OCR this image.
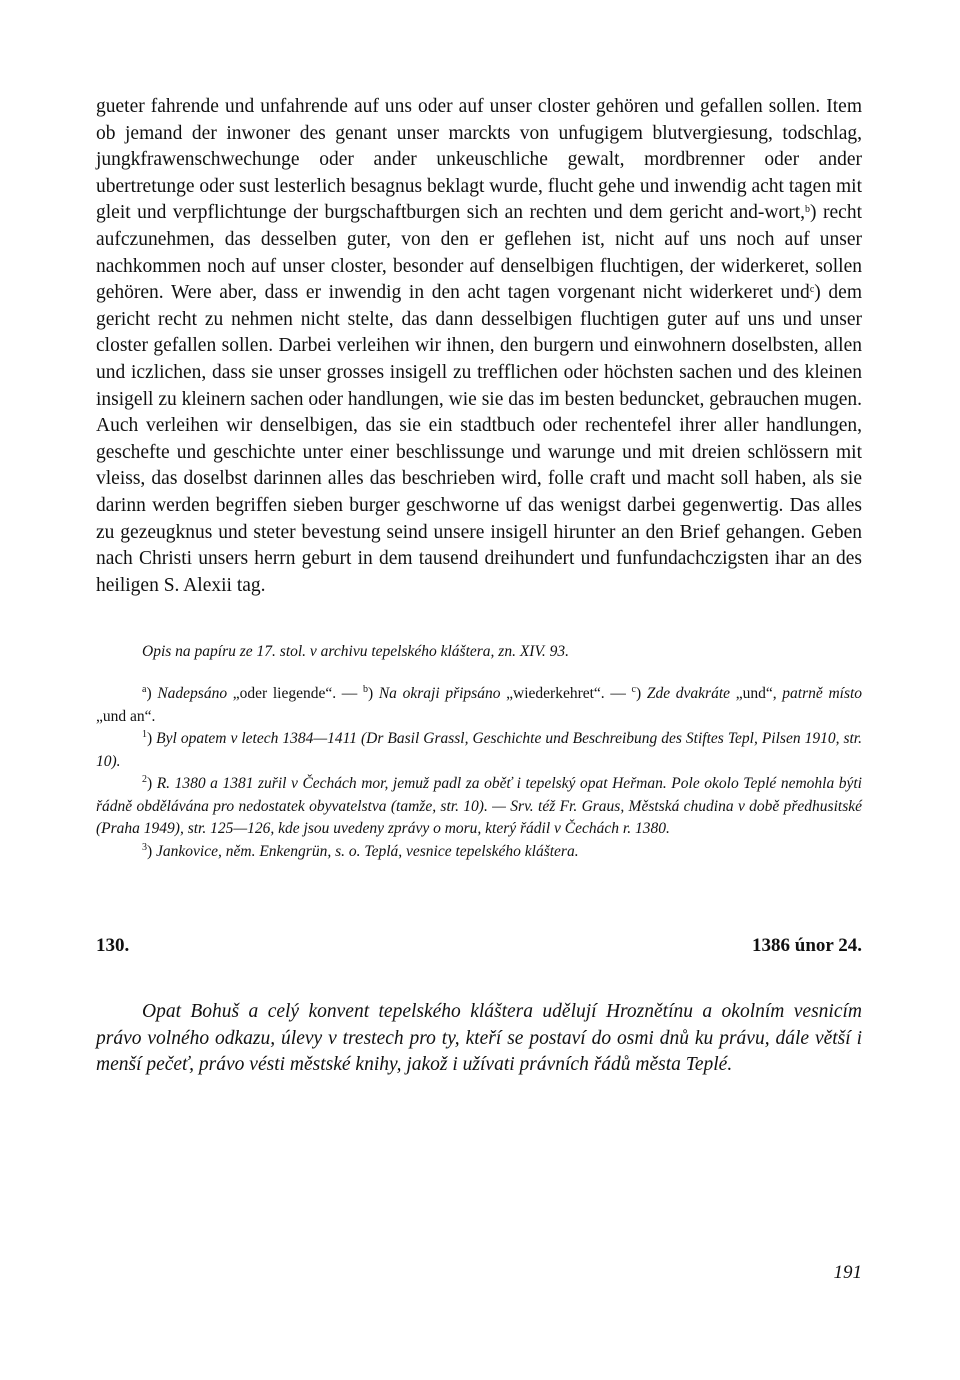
gueter fahrende und unfahrende auf uns oder auf unser closter gehören und gefallen sollen. Item ob jemand der inwoner des genant unser marckts von unfugigem blutvergiesung, todschlag, jungkfrawenschwechunge oder ander unkeuschliche gewalt, mordbrenner oder ander ubertretunge oder sust lesterlich besagnus beklagt wurde, flucht gehe und inwendig acht tagen mit gleit und verpflichtunge der burgschaftburgen sich an rechten und dem gericht and-wort,$^b$) recht aufczunehmen, das desselben guter, von den er geflehen ist, nicht auf uns noch auf unser nachkommen noch auf unser closter, besonder auf denselbigen fluchtigen, der widerkeret, sollen gehören. Were aber, dass er inwendig in den acht tagen vorgenant nicht widerkeret und$^c$) dem gericht recht zu nehmen nicht stelte, das dann desselbigen fluchtigen guter auf uns und unser closter gefallen sollen. Darbei verleihen wir ihnen, den burgern und einwohnern doselbsten, allen und iczlichen, dass sie unser grosses insigell zu trefflichen oder höchsten sachen und des kleinen insigell zu kleinern sachen oder handlungen, wie sie das im besten beduncket, gebrauchen mugen. Auch verleihen wir denselbigen, das sie ein stadtbuch oder rechentefel ihrer aller handlungen, geschefte und geschichte unter einer beschlissunge und warunge und mit dreien schlössern mit vleiss, das doselbst darinnen alles das beschrieben wird, folle craft und macht soll haben, als sie darinn werden begriffen sieben burger geschworne uf das wenigst darbei gegenwertig. Das alles zu gezeugknus und steter bevestung seind unsere insigell hirunter an den Brief gehangen. Geben nach Christi unsers herrn geburt in dem tausend dreihundert und funfundachczigsten ihar an des heiligen S. Alexii tag.

Opis na papíru ze 17. stol. v archivu tepelského kláštera, zn. XIV. 93.

$^a$) Nadepsáno „oder liegende“. — $^b$) Na okraji připsáno „wiederkehret“. — $^c$) Zde dvakráte „und“, patrně místo „und an“.

$^1$) Byl opatem v letech 1384—1411 (Dr Basil Grassl, Geschichte und Beschreibung des Stiftes Tepl, Pilsen 1910, str. 10).

$^2$) R. 1380 a 1381 zuřil v Čechách mor, jemuž padl za oběť i tepelský opat Heřman. Pole okolo Teplé nemohla býti řádně obdělávána pro nedostatek obyvatelstva (tamže, str. 10). — Srv. též Fr. Graus, Městská chudina v době předhusitské (Praha 1949), str. 125—126, kde jsou uvedeny zprávy o moru, který řádil v Čechách r. 1380.

$^3$) Jankovice, něm. Enkengrün, s. o. Teplá, vesnice tepelského kláštera.

130.	1386 únor 24.

Opat Bohuš a celý konvent tepelského kláštera udělují Hroznětínu a okolním vesnicím právo volného odkazu, úlevy v trestech pro ty, kteří se postaví do osmi dnů ku právu, dále větší i menší pečeť, právo vésti městské knihy, jakož i užívati právních řádů města Teplé.

191
